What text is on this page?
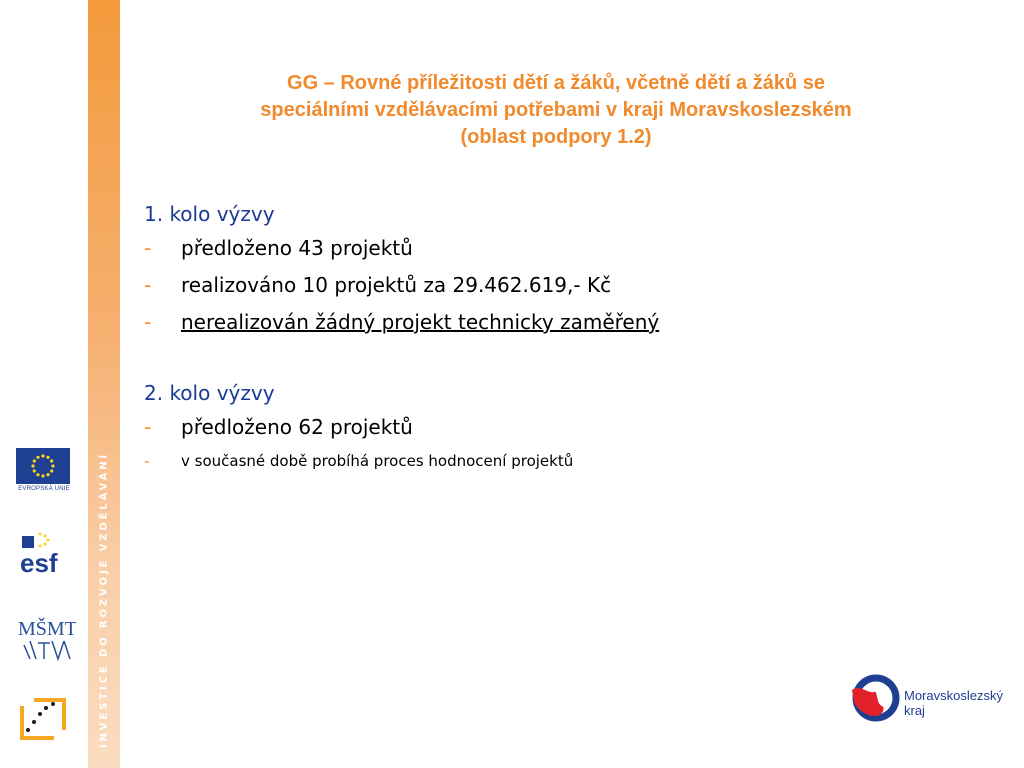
INVESTICE DO ROZVOJE VZDĚLÁVÁNÍ
EVROPSKÁ UNIE
esf
MŠMT
GG – Rovné příležitosti dětí a žáků, včetně dětí a žáků se
speciálními vzdělávacími potřebami v kraji Moravskoslezském
(oblast podpory 1.2)

1. kolo výzvy

- předloženo 43 projektů

- realizováno 10 projektů za 29.462.619,- Kč

- nerealizován žádný projekt technicky zaměřený

2. kolo výzvy

- předloženo 62 projektů

- v současné době probíhá proces hodnocení projektů

Moravskoslezský
kraj
